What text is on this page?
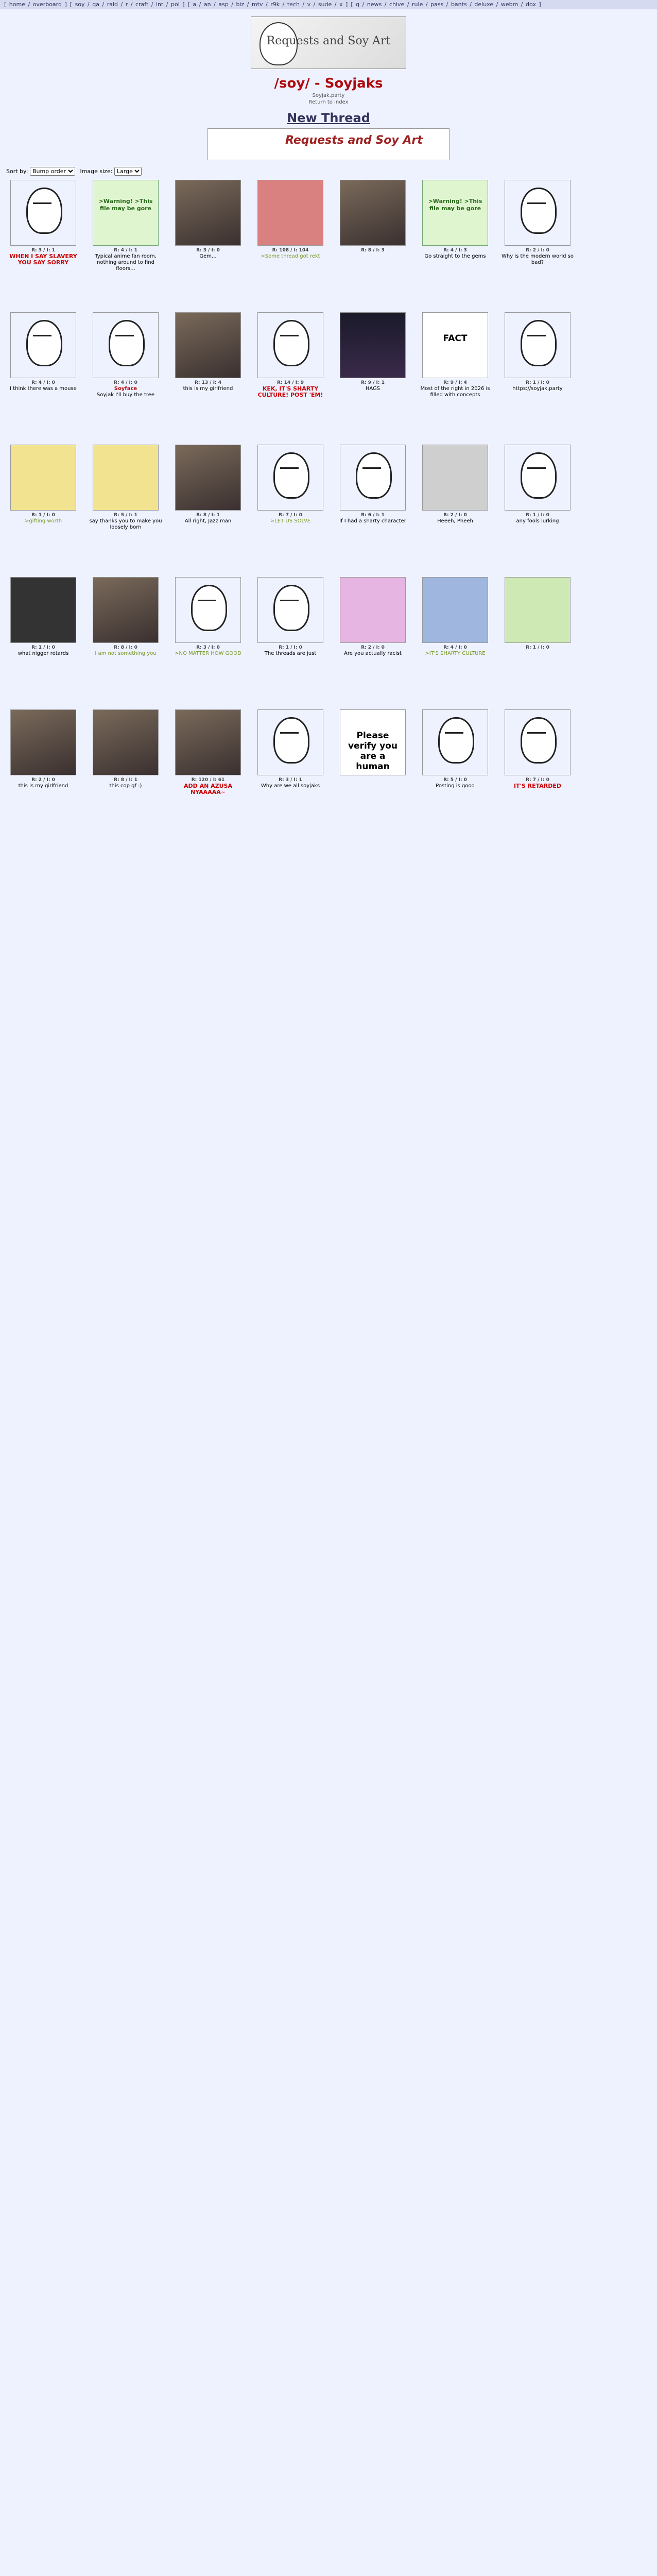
[ home / overboard ] [ soy / qa / raid / r / craft / int / pol ] [ a / an / asp / biz / mtv / r9k / tech / v / sude / x ] [ q / news / chive / rule / pass / bants / deluxe / webm / dox ]
Requests and Soy Art
/soy/ - Soyjaks
Soyjak.party
Return to index
New Thread
Requests and Soy Art
Sort by:
Bump order	Image size:
Large
R: 3 / I: 1
WHEN I SAY SLAVERY YOU SAY SORRY
>Warning! >This file may be gore
R: 4 / I: 1
Typical anime fan room, nothing around to find floors...
R: 3 / I: 0
Gem...
R: 108 / I: 104
>Some thread got rekt
R: 8 / I: 3
>Warning! >This file may be gore
R: 4 / I: 3
Go straight to the gems
R: 2 / I: 0
Why is the modern world so bad?
R: 4 / I: 0
I think there was a mouse
R: 4 / I: 0
Soyface
Soyjak I'll buy the tree
R: 13 / I: 4
this is my girlfriend
R: 14 / I: 9
KEK, IT'S SHARTY CULTURE! POST 'EM!
R: 9 / I: 1
HAGS
FACT
R: 9 / I: 4
Most of the right in 2026 is filled with concepts
R: 1 / I: 0
https://soyjak.party
R: 1 / I: 0
>gifting worth
R: 5 / I: 1
say thanks you to make you loosely born
R: 8 / I: 1
All right, Jazz man
R: 7 / I: 0
>LET US SOLVE
R: 6 / I: 1
If I had a sharty character
R: 2 / I: 0
Heeeh, Pheeh
R: 1 / I: 0
any fools lurking
R: 1 / I: 0
what nigger retards
R: 8 / I: 0
I am not something you
R: 3 / I: 0
>NO MATTER HOW GOOD
R: 1 / I: 0
The threads are just
R: 2 / I: 0
Are you actually racist
R: 4 / I: 0
>IT'S SHARTY CULTURE
R: 1 / I: 0
R: 2 / I: 0
this is my girlfriend
R: 8 / I: 1
this cop gf :)
R: 120 / I: 61
ADD AN AZUSA NYAAAAA~
R: 3 / I: 1
Why are we all soyjaks
Please verify you are a human
R: 5 / I: 0
Posting is good
R: 7 / I: 0
IT'S RETARDED
